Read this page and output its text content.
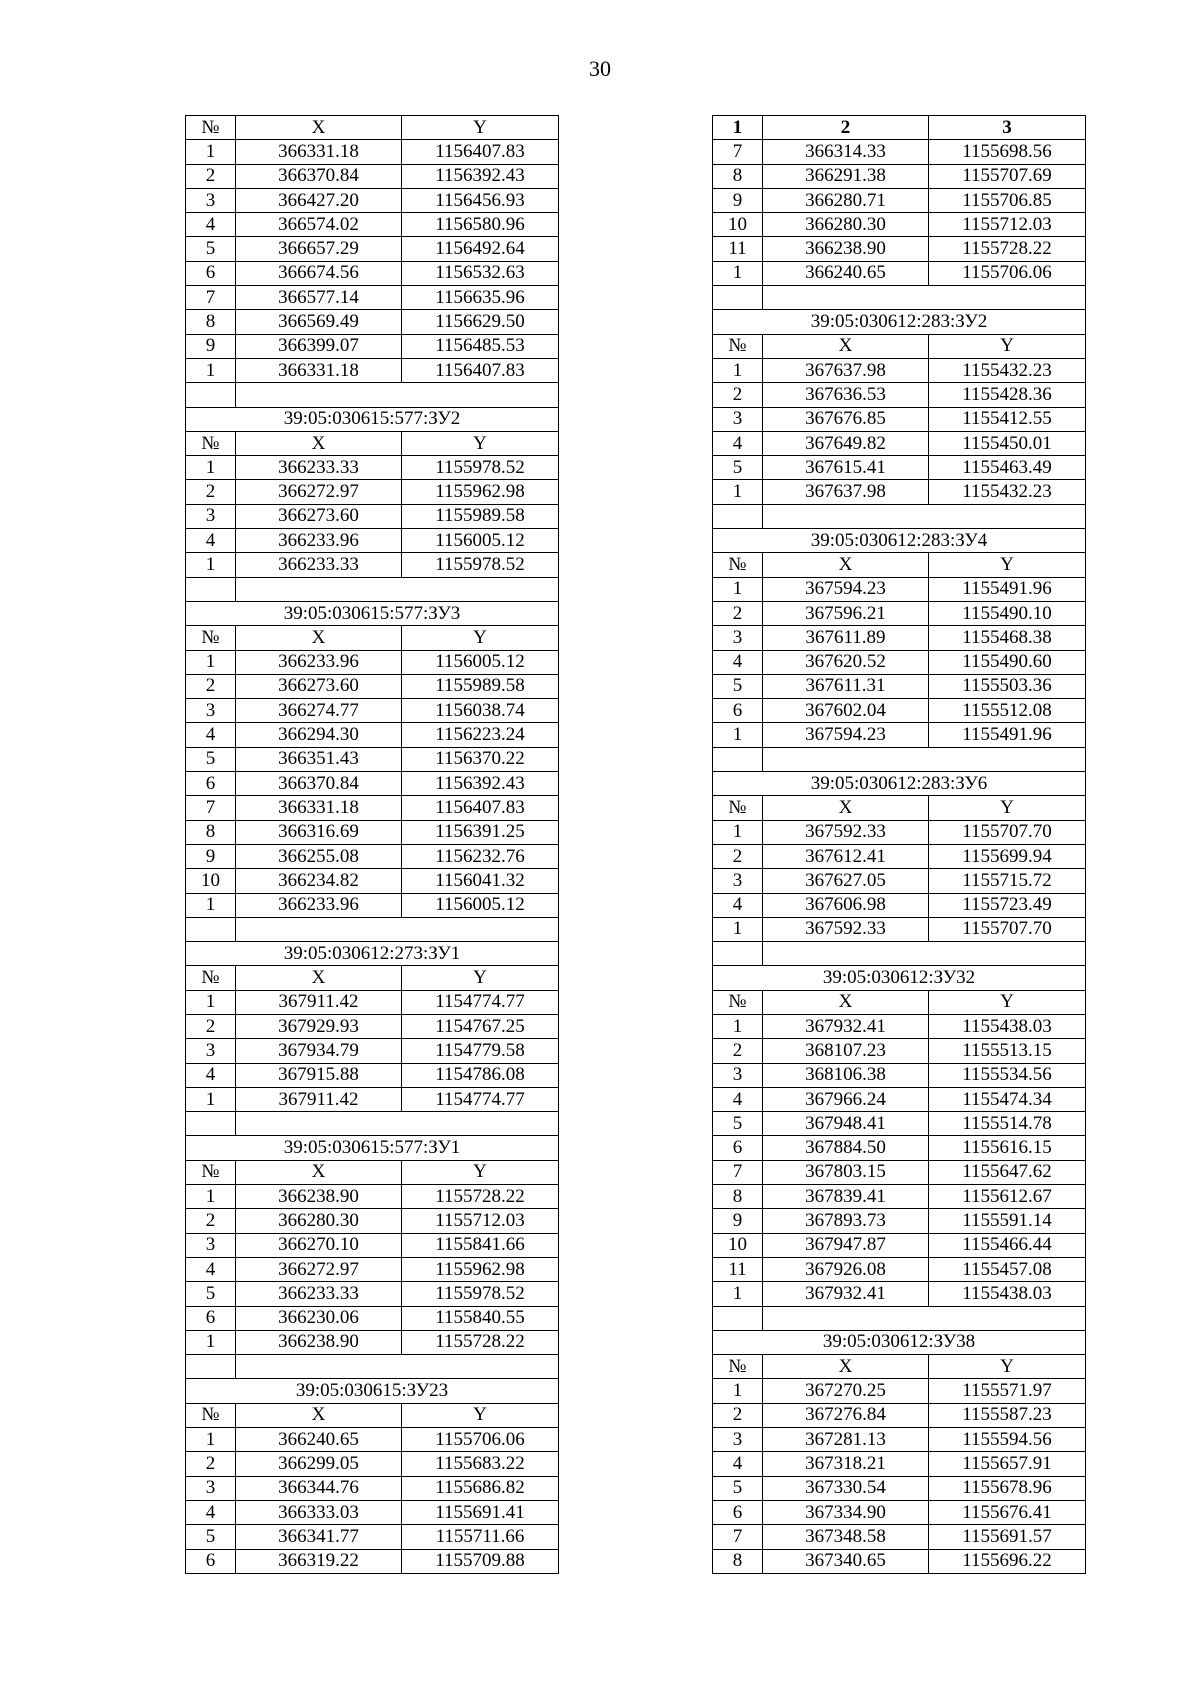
30
№	X	Y
1	366331.18	1156407.83
2	366370.84	1156392.43
3	366427.20	1156456.93
4	366574.02	1156580.96
5	366657.29	1156492.64
6	366674.56	1156532.63
7	366577.14	1156635.96
8	366569.49	1156629.50
9	366399.07	1156485.53
1	366331.18	1156407.83

39:05:030615:577:ЗУ2		
№	X	Y
1	366233.33	1155978.52
2	366272.97	1155962.98
3	366273.60	1155989.58
4	366233.96	1156005.12
1	366233.33	1155978.52

39:05:030615:577:ЗУ3		
№	X	Y
1	366233.96	1156005.12
2	366273.60	1155989.58
3	366274.77	1156038.74
4	366294.30	1156223.24
5	366351.43	1156370.22
6	366370.84	1156392.43
7	366331.18	1156407.83
8	366316.69	1156391.25
9	366255.08	1156232.76
10	366234.82	1156041.32
1	366233.96	1156005.12

39:05:030612:273:ЗУ1		
№	X	Y
1	367911.42	1154774.77
2	367929.93	1154767.25
3	367934.79	1154779.58
4	367915.88	1154786.08
1	367911.42	1154774.77

39:05:030615:577:ЗУ1		
№	X	Y
1	366238.90	1155728.22
2	366280.30	1155712.03
3	366270.10	1155841.66
4	366272.97	1155962.98
5	366233.33	1155978.52
6	366230.06	1155840.55
1	366238.90	1155728.22

39:05:030615:ЗУ23		
№	X	Y
1	366240.65	1155706.06
2	366299.05	1155683.22
3	366344.76	1155686.82
4	366333.03	1155691.41
5	366341.77	1155711.66
6	366319.22	1155709.88
1	2	3
7	366314.33	1155698.56
8	366291.38	1155707.69
9	366280.71	1155706.85
10	366280.30	1155712.03
11	366238.90	1155728.22
1	366240.65	1155706.06

39:05:030612:283:ЗУ2		
№	X	Y
1	367637.98	1155432.23
2	367636.53	1155428.36
3	367676.85	1155412.55
4	367649.82	1155450.01
5	367615.41	1155463.49
1	367637.98	1155432.23

39:05:030612:283:ЗУ4		
№	X	Y
1	367594.23	1155491.96
2	367596.21	1155490.10
3	367611.89	1155468.38
4	367620.52	1155490.60
5	367611.31	1155503.36
6	367602.04	1155512.08
1	367594.23	1155491.96

39:05:030612:283:ЗУ6		
№	X	Y
1	367592.33	1155707.70
2	367612.41	1155699.94
3	367627.05	1155715.72
4	367606.98	1155723.49
1	367592.33	1155707.70

39:05:030612:ЗУ32		
№	X	Y
1	367932.41	1155438.03
2	368107.23	1155513.15
3	368106.38	1155534.56
4	367966.24	1155474.34
5	367948.41	1155514.78
6	367884.50	1155616.15
7	367803.15	1155647.62
8	367839.41	1155612.67
9	367893.73	1155591.14
10	367947.87	1155466.44
11	367926.08	1155457.08
1	367932.41	1155438.03

39:05:030612:ЗУ38		
№	X	Y
1	367270.25	1155571.97
2	367276.84	1155587.23
3	367281.13	1155594.56
4	367318.21	1155657.91
5	367330.54	1155678.96
6	367334.90	1155676.41
7	367348.58	1155691.57
8	367340.65	1155696.22
